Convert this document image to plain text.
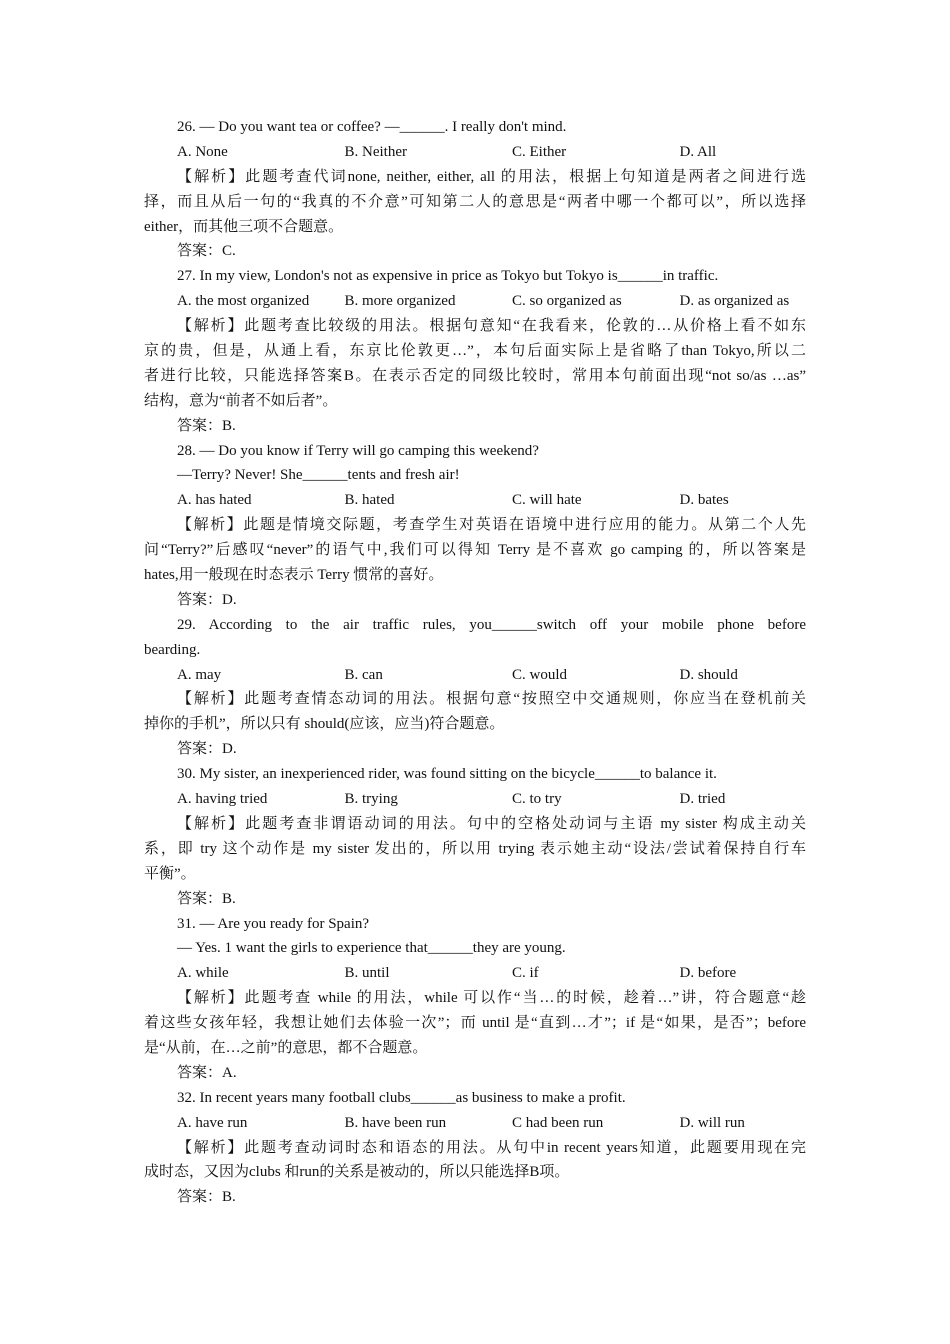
26. — Do you want tea or coffee? —______. I really don't mind.
A. None	B. Neither	C. Either	D. All
【解析】此题考查代词none, neither, either, all 的用法，根据上句知道是两者之间进行选
择，而且从后一句的“我真的不介意”可知第二人的意思是“两者中哪一个都可以”，所以选择
either，而其他三项不合题意。
答案：C.
27. In my view, London's not as expensive in price as Tokyo but Tokyo is______in traffic.
A. the most organized	B. more organized	C. so organized as	D. as organized as
【解析】此题考查比较级的用法。根据句意知“在我看来，伦敦的…从价格上看不如东
京的贵，但是，从通上看，东京比伦敦更…”，本句后面实际上是省略了than Tokyo,所以二
者进行比较，只能选择答案B。在表示否定的同级比较时，常用本句前面出现“not so/as …as”
结构，意为“前者不如后者”。
答案：B.
28. — Do you know if Terry will go camping this weekend?
—Terry? Never! She______tents and fresh air!
A. has hated	B. hated	C. will hate	D. bates
【解析】此题是情境交际题，考查学生对英语在语境中进行应用的能力。从第二个人先
问“Terry?”后感叹“never”的语气中,我们可以得知 Terry 是不喜欢 go camping 的，所以答案是
hates,用一般现在时态表示 Terry 惯常的喜好。
答案：D.
29. According to the air traffic rules, you______switch off your mobile phone before
bearding.
A. may	B. can	C. would	D. should
【解析】此题考查情态动词的用法。根据句意“按照空中交通规则，你应当在登机前关
掉你的手机”，所以只有 should(应该，应当)符合题意。
答案：D.
30. My sister, an inexperienced rider, was found sitting on the bicycle______to balance it.
A. having tried	B. trying	C. to try	D. tried
【解析】此题考查非谓语动词的用法。句中的空格处动词与主语 my sister 构成主动关
系，即 try 这个动作是 my sister 发出的，所以用 trying 表示她主动“设法/尝试着保持自行车
平衡”。
答案：B.
31. — Are you ready for Spain?
— Yes. 1 want the girls to experience that______they are young.
A. while	B. until	C. if	D. before
【解析】此题考查 while 的用法，while 可以作“当…的时候，趁着…”讲，符合题意“趁
着这些女孩年轻，我想让她们去体验一次”；而 until 是“直到…才”；if 是“如果，是否”；before
是“从前，在…之前”的意思，都不合题意。
答案：A.
32. In recent years many football clubs______as business to make a profit.
A. have run	B. have been run	C had been run	D. will run
【解析】此题考查动词时态和语态的用法。从句中in recent years知道，此题要用现在完
成时态，又因为clubs 和run的关系是被动的，所以只能选择B项。
答案：B.
